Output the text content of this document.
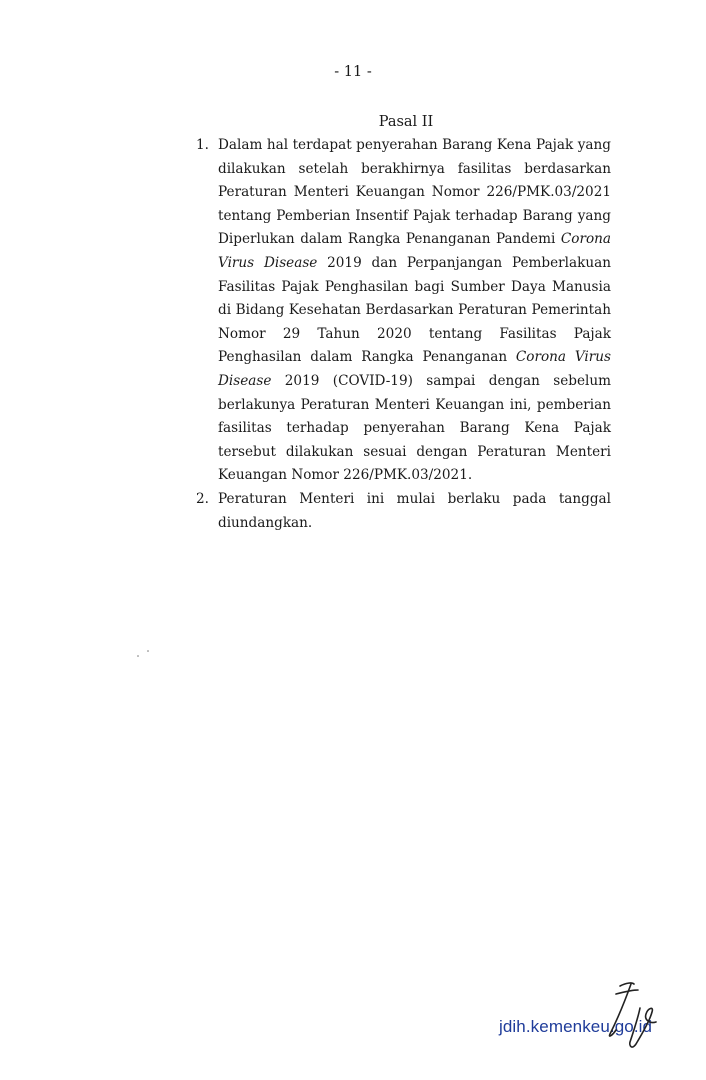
- 11 -
Pasal II
1. Dalam hal terdapat penyerahan Barang Kena Pajak yang dilakukan setelah berakhirnya fasilitas berdasarkan Peraturan Menteri Keuangan Nomor 226/PMK.03/2021 tentang Pemberian Insentif Pajak terhadap Barang yang Diperlukan dalam Rangka Penanganan Pandemi Corona Virus Disease 2019 dan Perpanjangan Pemberlakuan Fasilitas Pajak Penghasilan bagi Sumber Daya Manusia di Bidang Kesehatan Berdasarkan Peraturan Pemerintah Nomor 29 Tahun 2020 tentang Fasilitas Pajak Penghasilan dalam Rangka Penanganan Corona Virus Disease 2019 (COVID-19) sampai dengan sebelum berlakunya Peraturan Menteri Keuangan ini, pemberian fasilitas terhadap penyerahan Barang Kena Pajak tersebut dilakukan sesuai dengan Peraturan Menteri Keuangan Nomor 226/PMK.03/2021.
2. Peraturan Menteri ini mulai berlaku pada tanggal diundangkan.
jdih.kemenkeu.go.id
